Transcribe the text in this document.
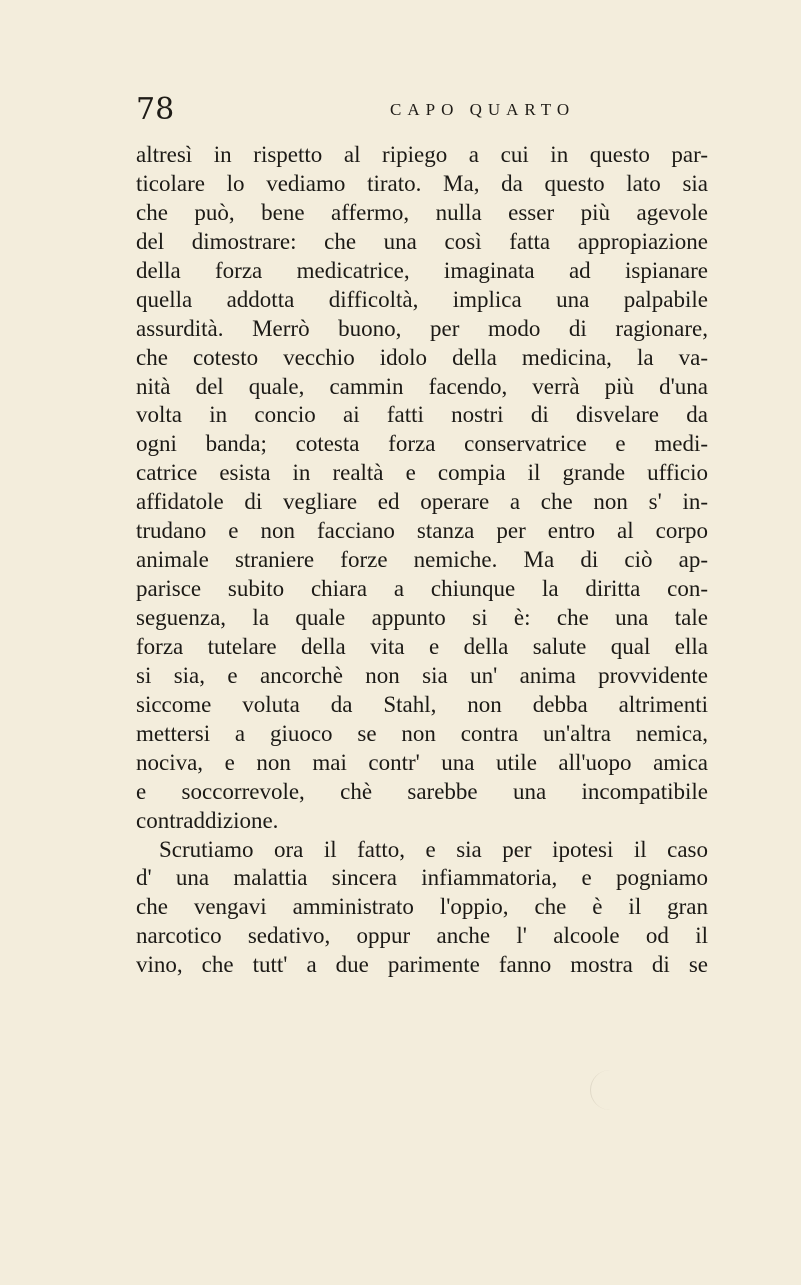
78	CAPO QUARTO
altresì in rispetto al ripiego a cui in questo par-
ticolare lo vediamo tirato. Ma, da questo lato sia
che può, bene affermo, nulla esser più agevole
del dimostrare: che una così fatta appropiazione
della forza medicatrice, imaginata ad ispianare
quella addotta difficoltà, implica una palpabile
assurdità. Merrò buono, per modo di ragionare,
che cotesto vecchio idolo della medicina, la va-
nità del quale, cammin facendo, verrà più d'una
volta in concio ai fatti nostri di disvelare da
ogni banda; cotesta forza conservatrice e medi-
catrice esista in realtà e compia il grande ufficio
affidatole di vegliare ed operare a che non s' in-
trudano e non facciano stanza per entro al corpo
animale straniere forze nemiche. Ma di ciò ap-
parisce subito chiara a chiunque la diritta con-
seguenza, la quale appunto si è: che una tale
forza tutelare della vita e della salute qual ella
si sia, e ancorchè non sia un' anima provvidente
siccome voluta da Stahl, non debba altrimenti
mettersi a giuoco se non contra un'altra nemica,
nociva, e non mai contr' una utile all'uopo amica
e soccorrevole, chè sarebbe una incompatibile
contraddizione.
Scrutiamo ora il fatto, e sia per ipotesi il caso
d' una malattia sincera infiammatoria, e pogniamo
che vengavi amministrato l'oppio, che è il gran
narcotico sedativo, oppur anche l' alcoole od il
vino, che tutt' a due parimente fanno mostra di se
